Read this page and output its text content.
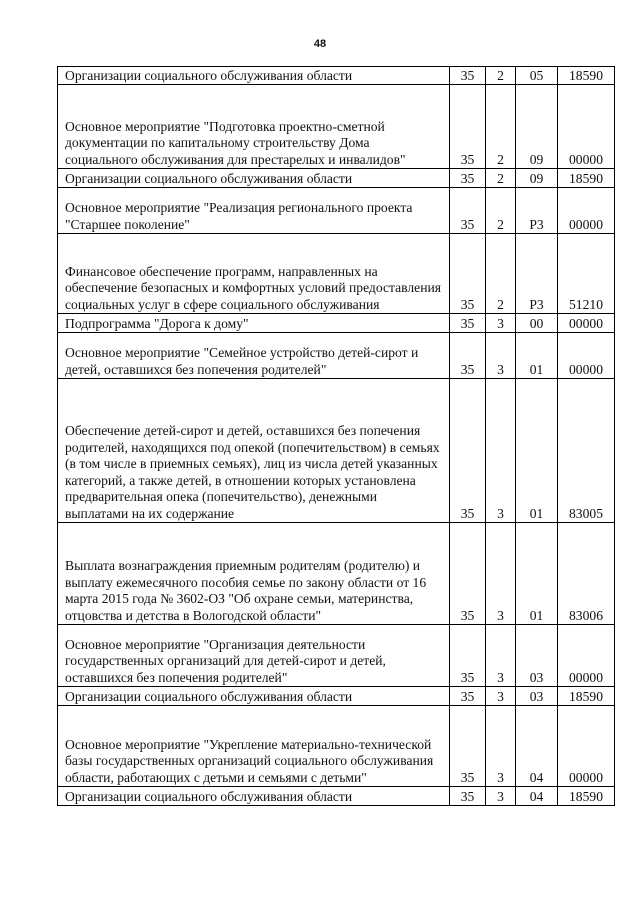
48
Организации социального обслуживания области	35	2	05	18590
Основное мероприятие "Подготовка проектно-сметной документации по капитальному строительству Дома социального обслуживания для престарелых и инвалидов"	35	2	09	00000
Организации социального обслуживания области	35	2	09	18590
Основное мероприятие "Реализация регионального проекта "Старшее поколение"	35	2	P3	00000
Финансовое обеспечение программ, направленных на обеспечение безопасных и комфортных условий предоставления социальных услуг в сфере социального обслуживания	35	2	P3	51210
Подпрограмма "Дорога к дому"	35	3	00	00000
Основное мероприятие "Семейное устройство детей-сирот и детей, оставшихся без попечения родителей"	35	3	01	00000
Обеспечение детей-сирот и детей, оставшихся без попечения родителей, находящихся под опекой (попечительством) в семьях (в том числе в приемных семьях), лиц из числа детей указанных категорий, а также детей, в отношении которых установлена предварительная опека (попечительство), денежными выплатами на их содержание	35	3	01	83005
Выплата вознаграждения приемным родителям (родителю) и выплату ежемесячного пособия семье по закону области от 16 марта 2015 года № 3602-ОЗ "Об охране семьи, материнства, отцовства и детства в Вологодской области"	35	3	01	83006
Основное мероприятие "Организация деятельности государственных организаций для детей-сирот и детей, оставшихся без попечения родителей"	35	3	03	00000
Организации социального обслуживания области	35	3	03	18590
Основное мероприятие "Укрепление материально-технической базы государственных организаций социального обслуживания области, работающих с детьми и семьями с детьми"	35	3	04	00000
Организации социального обслуживания области	35	3	04	18590
